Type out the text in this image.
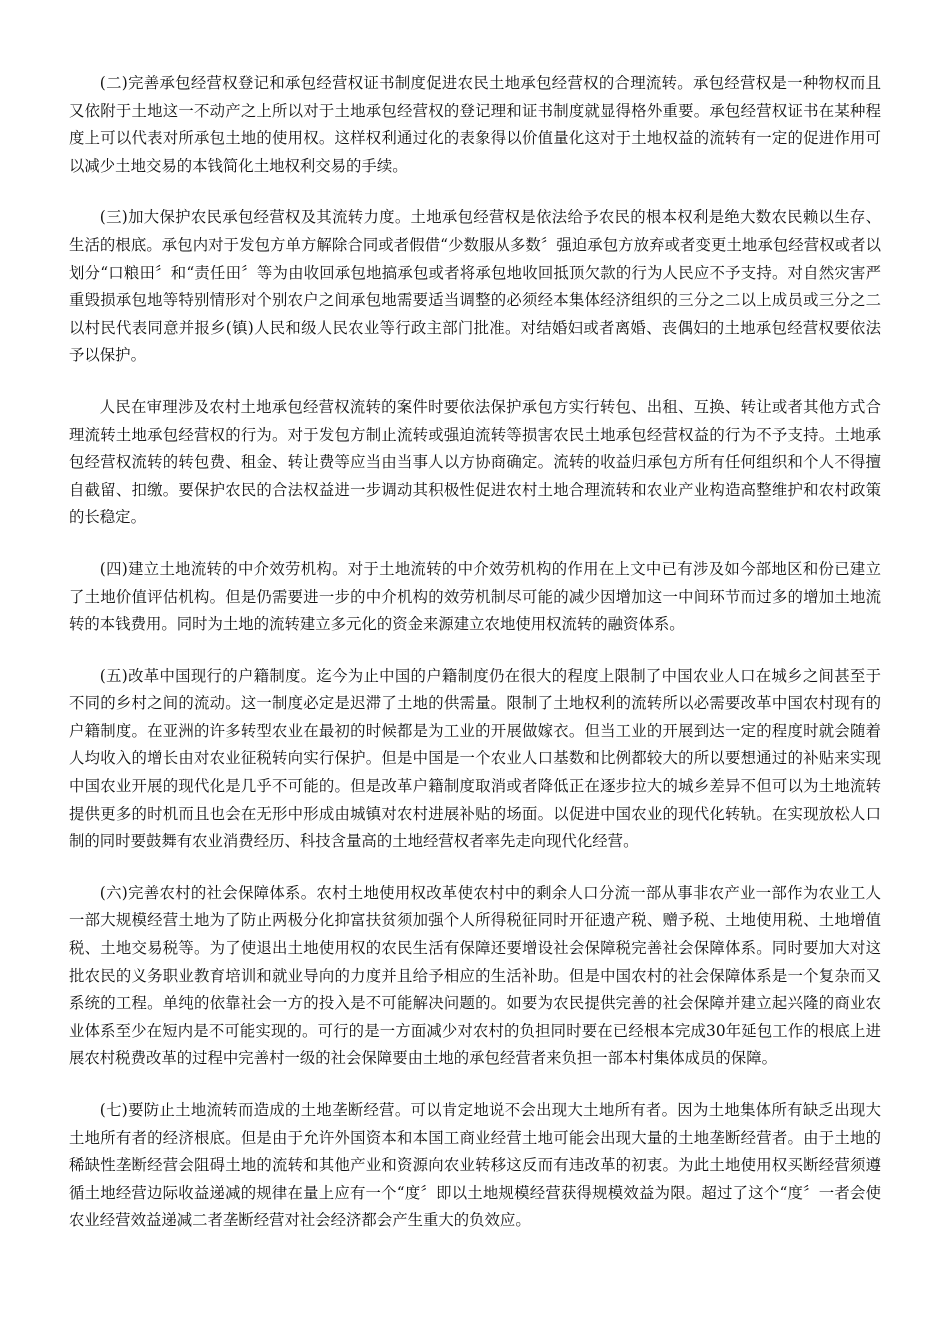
(二)完善承包经营权登记和承包经营权证书制度促进农民土地承包经营权的合理流转。承包经营权是一种物权而且又依附于土地这一不动产之上所以对于土地承包经营权的登记理和证书制度就显得格外重要。承包经营权证书在某种程度上可以代表对所承包土地的使用权。这样权利通过化的表象得以价值量化这对于土地权益的流转有一定的促进作用可以减少土地交易的本钱简化土地权利交易的手续。

(三)加大保护农民承包经营权及其流转力度。土地承包经营权是依法给予农民的根本权利是绝大数农民赖以生存、生活的根底。承包内对于发包方单方解除合同或者假借“少数服从多数〞强迫承包方放弃或者变更土地承包经营权或者以划分“口粮田〞和“责任田〞等为由收回承包地搞承包或者将承包地收回抵顶欠款的行为人民应不予支持。对自然灾害严重毁损承包地等特别情形对个别农户之间承包地需要适当调整的必须经本集体经济组织的三分之二以上成员或三分之二以村民代表同意并报乡(镇)人民和级人民农业等行政主部门批准。对结婚妇或者离婚、丧偶妇的土地承包经营权要依法予以保护。

人民在审理涉及农村土地承包经营权流转的案件时要依法保护承包方实行转包、出租、互换、转让或者其他方式合理流转土地承包经营权的行为。对于发包方制止流转或强迫流转等损害农民土地承包经营权益的行为不予支持。土地承包经营权流转的转包费、租金、转让费等应当由当事人以方协商确定。流转的收益归承包方所有任何组织和个人不得擅自截留、扣缴。要保护农民的合法权益进一步调动其积极性促进农村土地合理流转和农业产业构造高整维护和农村政策的长稳定。

(四)建立土地流转的中介效劳机构。对于土地流转的中介效劳机构的作用在上文中已有涉及如今部地区和份已建立了土地价值评估机构。但是仍需要进一步的中介机构的效劳机制尽可能的减少因增加这一中间环节而过多的增加土地流转的本钱费用。同时为土地的流转建立多元化的资金来源建立农地使用权流转的融资体系。

(五)改革中国现行的户籍制度。迄今为止中国的户籍制度仍在很大的程度上限制了中国农业人口在城乡之间甚至于不同的乡村之间的流动。这一制度必定是迟滞了土地的供需量。限制了土地权利的流转所以必需要改革中国农村现有的户籍制度。在亚洲的许多转型农业在最初的时候都是为工业的开展做嫁衣。但当工业的开展到达一定的程度时就会随着人均收入的增长由对农业征税转向实行保护。但是中国是一个农业人口基数和比例都较大的所以要想通过的补贴来实现中国农业开展的现代化是几乎不可能的。但是改革户籍制度取消或者降低正在逐步拉大的城乡差异不但可以为土地流转提供更多的时机而且也会在无形中形成由城镇对农村进展补贴的场面。以促进中国农业的现代化转轨。在实现放松人口制的同时要鼓舞有农业消费经历、科技含量高的土地经营权者率先走向现代化经营。

(六)完善农村的社会保障体系。农村土地使用权改革使农村中的剩余人口分流一部从事非农产业一部作为农业工人一部大规模经营土地为了防止两极分化抑富扶贫须加强个人所得税征同时开征遗产税、赠予税、土地使用税、土地增值税、土地交易税等。为了使退出土地使用权的农民生活有保障还要增设社会保障税完善社会保障体系。同时要加大对这批农民的义务职业教育培训和就业导向的力度并且给予相应的生活补助。但是中国农村的社会保障体系是一个复杂而又系统的工程。单纯的依靠社会一方的投入是不可能解决问题的。如要为农民提供完善的社会保障并建立起兴隆的商业农业体系至少在短内是不可能实现的。可行的是一方面减少对农村的负担同时要在已经根本完成30年延包工作的根底上进展农村税费改革的过程中完善村一级的社会保障要由土地的承包经营者来负担一部本村集体成员的保障。

(七)要防止土地流转而造成的土地垄断经营。可以肯定地说不会出现大土地所有者。因为土地集体所有缺乏出现大土地所有者的经济根底。但是由于允许外国资本和本国工商业经营土地可能会出现大量的土地垄断经营者。由于土地的稀缺性垄断经营会阻碍土地的流转和其他产业和资源向农业转移这反而有违改革的初衷。为此土地使用权买断经营须遵循土地经营边际收益递减的规律在量上应有一个“度〞即以土地规模经营获得规模效益为限。超过了这个“度〞一者会使农业经营效益递减二者垄断经营对社会经济都会产生重大的负效应。
